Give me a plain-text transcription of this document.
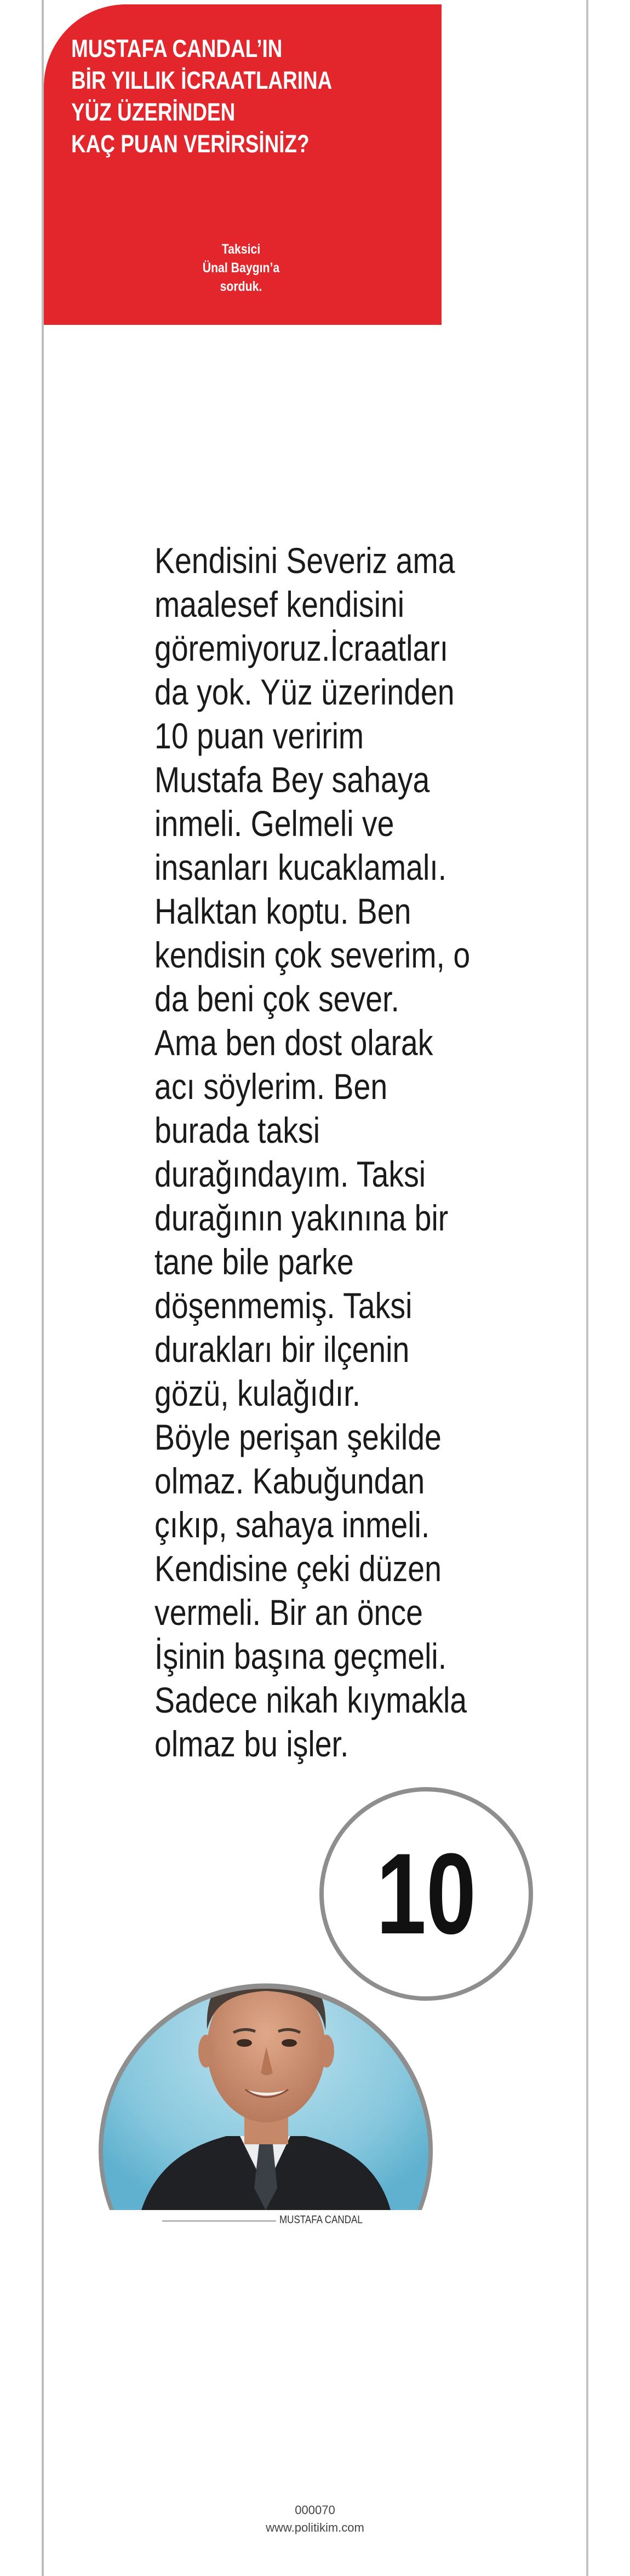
MUSTAFA CANDAL’IN
BİR YILLIK İCRAATLARINA
YÜZ ÜZERİNDEN
KAÇ PUAN VERİRSİNİZ?
Taksici
Ünal Baygın’a sorduk.
Kendisini Severiz ama
maalesef kendisini
göremiyoruz.İcraatları
da yok. Yüz üzerinden
10 puan veririm
Mustafa Bey sahaya
inmeli. Gelmeli ve
insanları kucaklamalı.
Halktan koptu. Ben
kendisin çok severim, o
da beni çok sever.
Ama ben dost olarak
acı söylerim. Ben
burada taksi
durağındayım. Taksi
durağının yakınına bir
tane bile parke
döşenmemiş. Taksi
durakları bir ilçenin
gözü, kulağıdır.
Böyle perişan şekilde
olmaz. Kabuğundan
çıkıp, sahaya inmeli.
Kendisine çeki düzen
vermeli. Bir an önce
İşinin başına geçmeli.
Sadece nikah kıymakla
olmaz bu işler.
10
MUSTAFA CANDAL
000070
www.politikim.com
